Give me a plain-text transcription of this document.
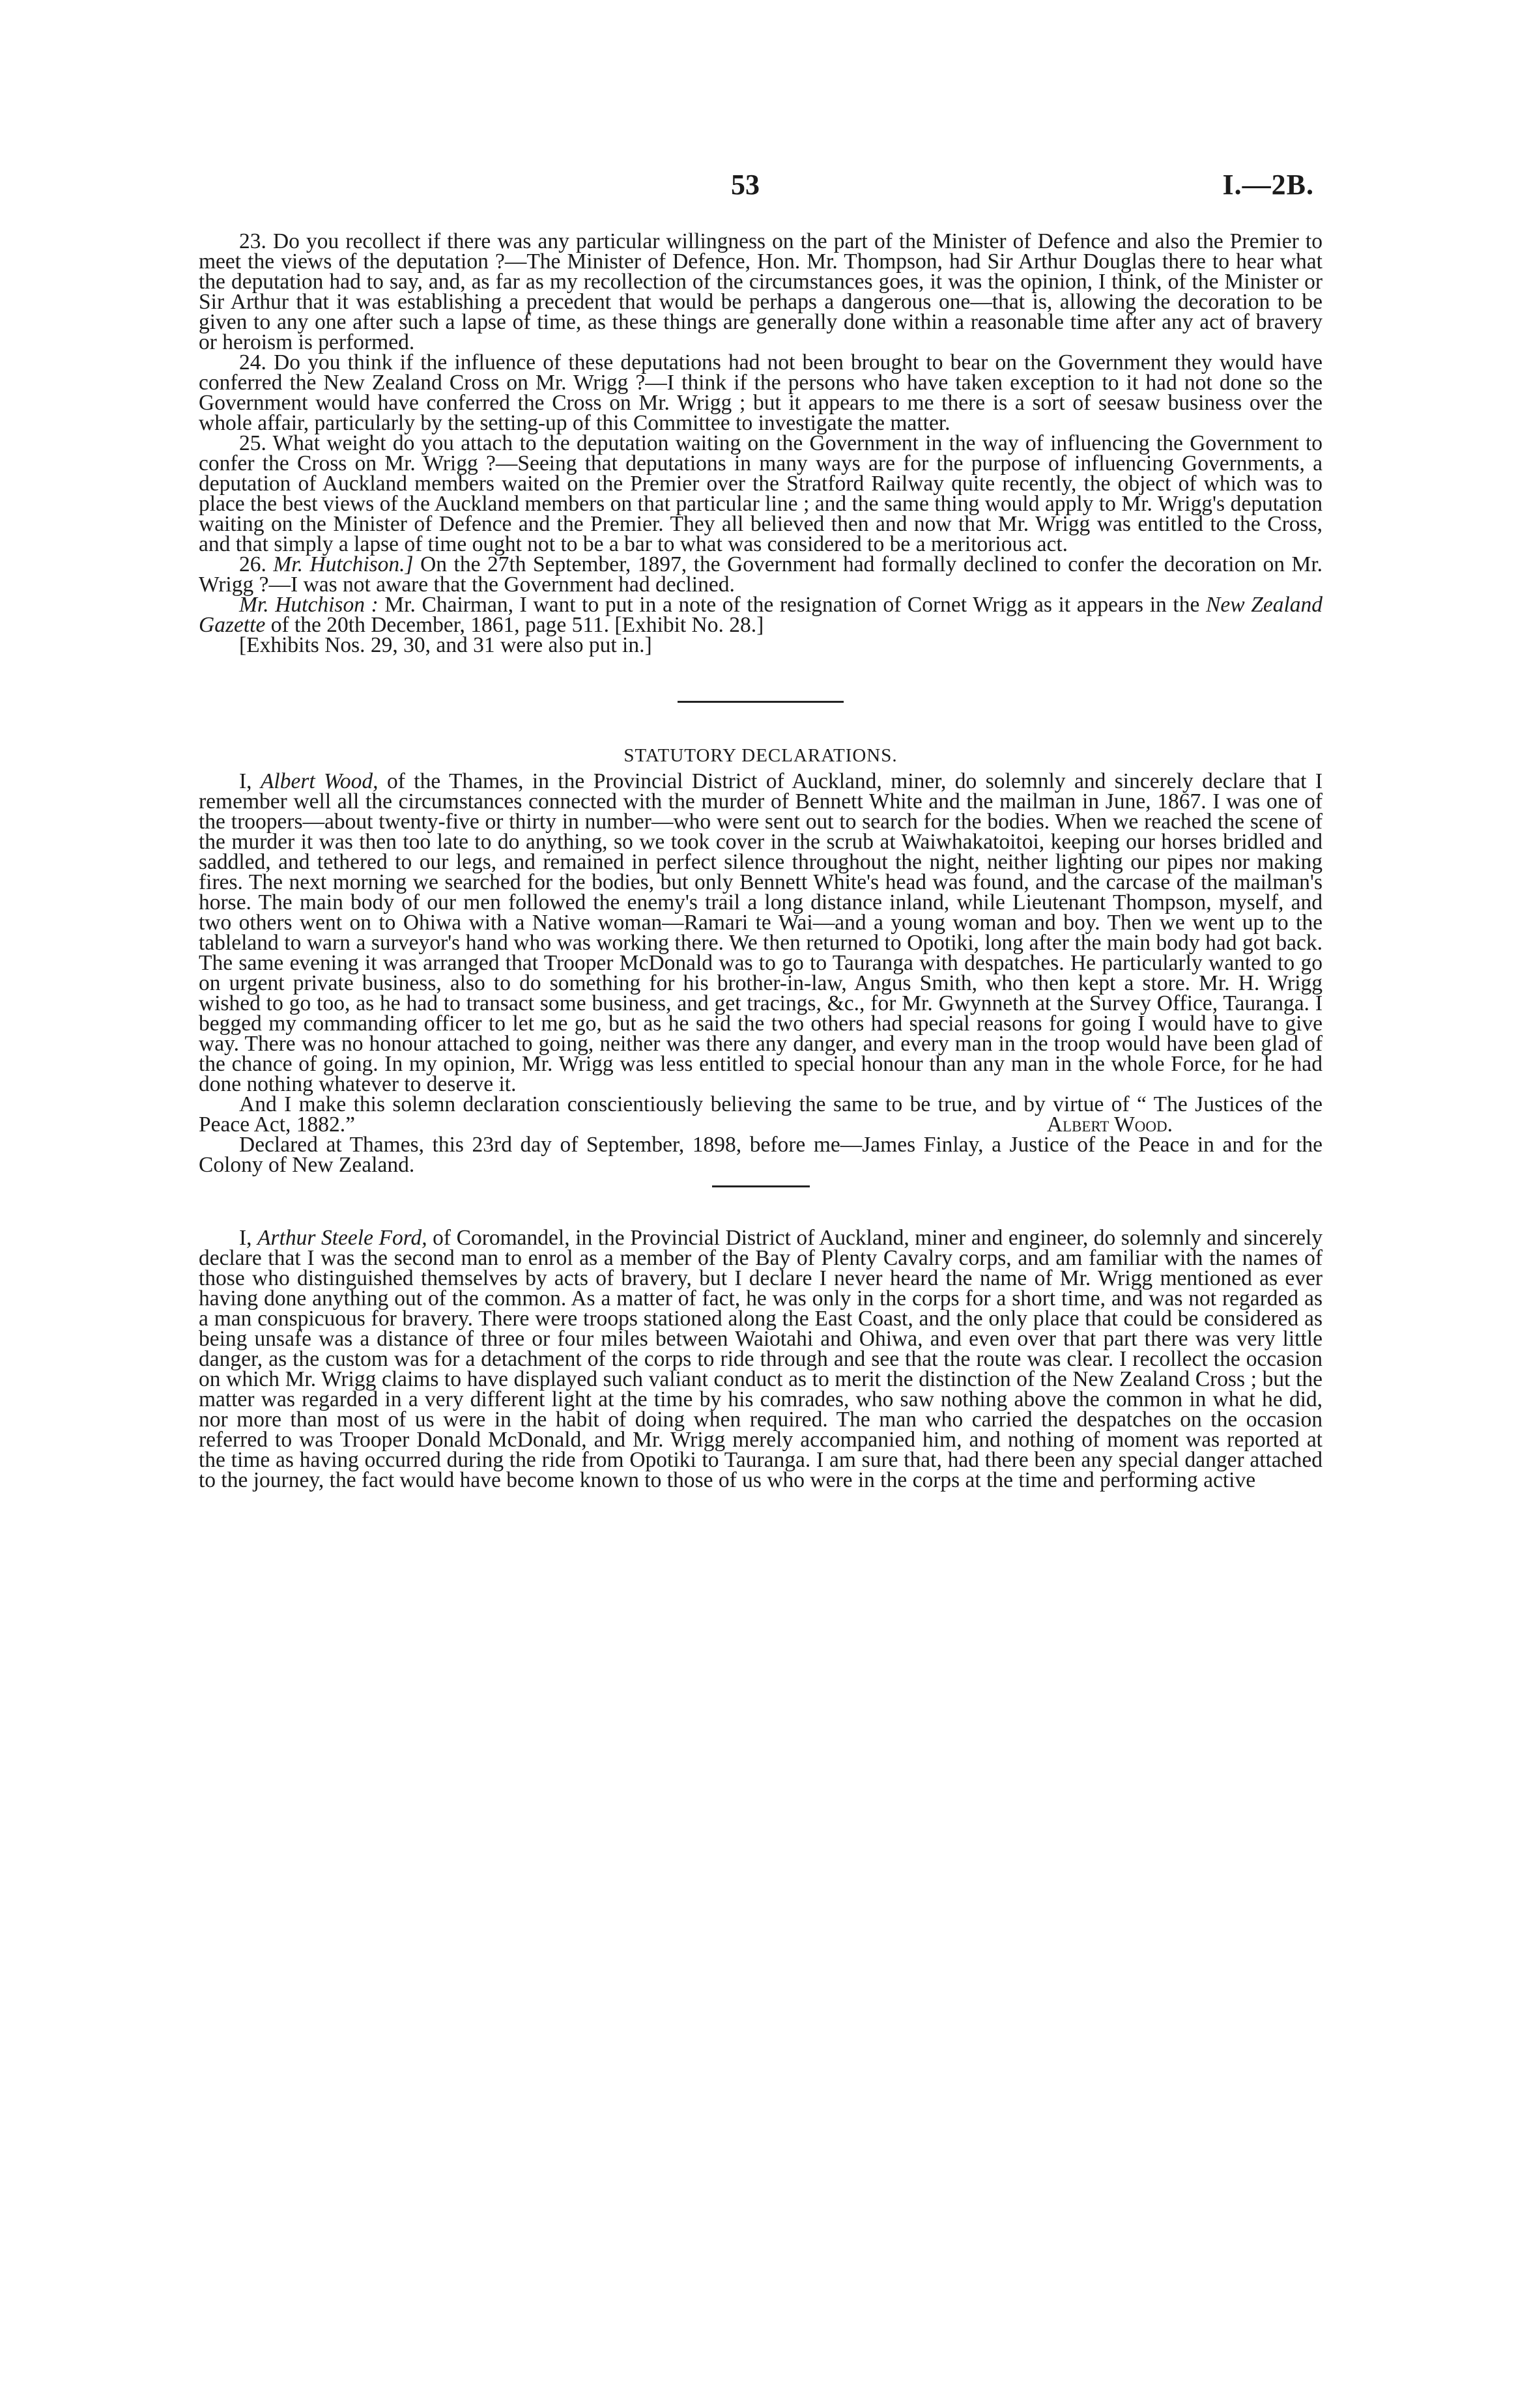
53	I.—2B.

23. Do you recollect if there was any particular willingness on the part of the Minister of Defence and also the Premier to meet the views of the deputation ?—The Minister of Defence, Hon. Mr. Thompson, had Sir Arthur Douglas there to hear what the deputation had to say, and, as far as my recollection of the circumstances goes, it was the opinion, I think, of the Minister or Sir Arthur that it was establishing a precedent that would be perhaps a dangerous one—that is, allowing the decoration to be given to any one after such a lapse of time, as these things are generally done within a reasonable time after any act of bravery or heroism is performed.

24. Do you think if the influence of these deputations had not been brought to bear on the Government they would have conferred the New Zealand Cross on Mr. Wrigg ?—I think if the persons who have taken exception to it had not done so the Government would have conferred the Cross on Mr. Wrigg ; but it appears to me there is a sort of seesaw business over the whole affair, particularly by the setting-up of this Committee to investigate the matter.

25. What weight do you attach to the deputation waiting on the Government in the way of influencing the Government to confer the Cross on Mr. Wrigg ?—Seeing that deputations in many ways are for the purpose of influencing Governments, a deputation of Auckland members waited on the Premier over the Stratford Railway quite recently, the object of which was to place the best views of the Auckland members on that particular line ; and the same thing would apply to Mr. Wrigg's deputation waiting on the Minister of Defence and the Premier. They all believed then and now that Mr. Wrigg was entitled to the Cross, and that simply a lapse of time ought not to be a bar to what was considered to be a meritorious act.

26. Mr. Hutchison.] On the 27th September, 1897, the Government had formally declined to confer the decoration on Mr. Wrigg ?—I was not aware that the Government had declined.

Mr. Hutchison : Mr. Chairman, I want to put in a note of the resignation of Cornet Wrigg as it appears in the New Zealand Gazette of the 20th December, 1861, page 511. [Exhibit No. 28.]

[Exhibits Nos. 29, 30, and 31 were also put in.]

STATUTORY DECLARATIONS.

I, Albert Wood, of the Thames, in the Provincial District of Auckland, miner, do solemnly and sincerely declare that I remember well all the circumstances connected with the murder of Bennett White and the mailman in June, 1867. I was one of the troopers—about twenty-five or thirty in number—who were sent out to search for the bodies. When we reached the scene of the murder it was then too late to do anything, so we took cover in the scrub at Waiwhakatoitoi, keeping our horses bridled and saddled, and tethered to our legs, and remained in perfect silence throughout the night, neither lighting our pipes nor making fires. The next morning we searched for the bodies, but only Bennett White's head was found, and the carcase of the mailman's horse. The main body of our men followed the enemy's trail a long distance inland, while Lieutenant Thompson, myself, and two others went on to Ohiwa with a Native woman—Ramari te Wai—and a young woman and boy. Then we went up to the tableland to warn a surveyor's hand who was working there. We then returned to Opotiki, long after the main body had got back. The same evening it was arranged that Trooper McDonald was to go to Tauranga with despatches. He particularly wanted to go on urgent private business, also to do something for his brother-in-law, Angus Smith, who then kept a store. Mr. H. Wrigg wished to go too, as he had to transact some business, and get tracings, &c., for Mr. Gwynneth at the Survey Office, Tauranga. I begged my commanding officer to let me go, but as he said the two others had special reasons for going I would have to give way. There was no honour attached to going, neither was there any danger, and every man in the troop would have been glad of the chance of going. In my opinion, Mr. Wrigg was less entitled to special honour than any man in the whole Force, for he had done nothing whatever to deserve it.

And I make this solemn declaration conscientiously believing the same to be true, and by virtue of “ The Justices of the Peace Act, 1882.”	Albert Wood.

Declared at Thames, this 23rd day of September, 1898, before me—James Finlay, a Justice of the Peace in and for the Colony of New Zealand.

I, Arthur Steele Ford, of Coromandel, in the Provincial District of Auckland, miner and engineer, do solemnly and sincerely declare that I was the second man to enrol as a member of the Bay of Plenty Cavalry corps, and am familiar with the names of those who distinguished themselves by acts of bravery, but I declare I never heard the name of Mr. Wrigg mentioned as ever having done anything out of the common. As a matter of fact, he was only in the corps for a short time, and was not regarded as a man conspicuous for bravery. There were troops stationed along the East Coast, and the only place that could be considered as being unsafe was a distance of three or four miles between Waiotahi and Ohiwa, and even over that part there was very little danger, as the custom was for a detachment of the corps to ride through and see that the route was clear. I recollect the occasion on which Mr. Wrigg claims to have displayed such valiant conduct as to merit the distinction of the New Zealand Cross ; but the matter was regarded in a very different light at the time by his comrades, who saw nothing above the common in what he did, nor more than most of us were in the habit of doing when required. The man who carried the despatches on the occasion referred to was Trooper Donald McDonald, and Mr. Wrigg merely accompanied him, and nothing of moment was reported at the time as having occurred during the ride from Opotiki to Tauranga. I am sure that, had there been any special danger attached to the journey, the fact would have become known to those of us who were in the corps at the time and performing active
